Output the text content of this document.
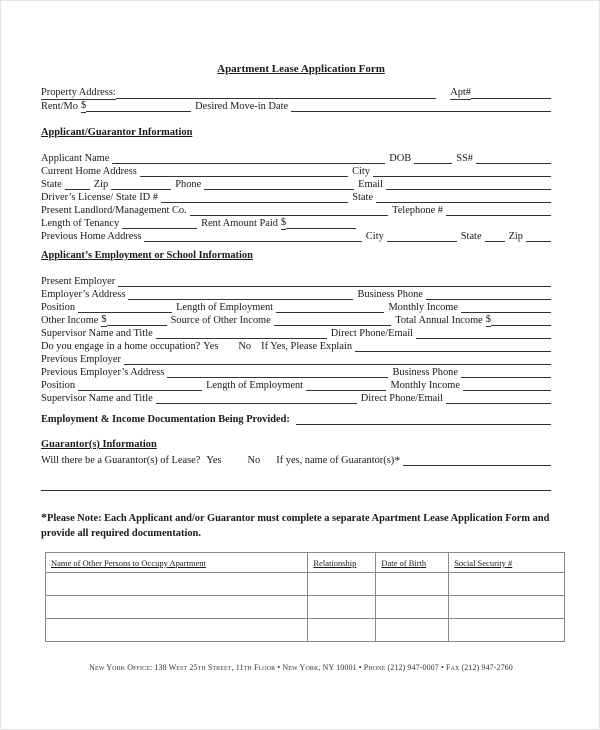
Apartment Lease Application Form
Property Address:	Apt#
Rent/Mo $	Desired Move-in Date
Applicant/Guarantor Information
Applicant Name	DOB	SS#
Current Home Address	City
State	Zip	Phone	Email
Driver’s License/ State ID #	State
Present Landlord/Management Co.	Telephone #
Length of Tenancy	Rent Amount Paid $
Previous Home Address	City	State	Zip
Applicant’s Employment or School Information
Present Employer
Employer’s Address	Business Phone
Position	Length of Employment	Monthly Income
Other Income $	Source of Other Income	Total Annual Income $
Supervisor Name and Title	Direct Phone/Email
Do you engage in a home occupation? Yes	No If Yes, Please Explain
Previous Employer
Previous Employer’s Address	Business Phone
Position	Length of Employment	Monthly Income
Supervisor Name and Title	Direct Phone/Email
Employment & Income Documentation Being Provided:
Guarantor(s) Information
Will there be a Guarantor(s) of Lease? Yes	No	If yes, name of Guarantor(s) *
*Please Note: Each Applicant and/or Guarantor must complete a separate Apartment Lease Application Form and provide all required documentation.
Name of Other Persons to Occupy Apartment	Relationship	Date of Birth	Social Security #

New York Office: 138 West 25th Street, 11th Floor • New York, NY 10001 • Phone (212) 947-0007 • Fax (212) 947-2760
